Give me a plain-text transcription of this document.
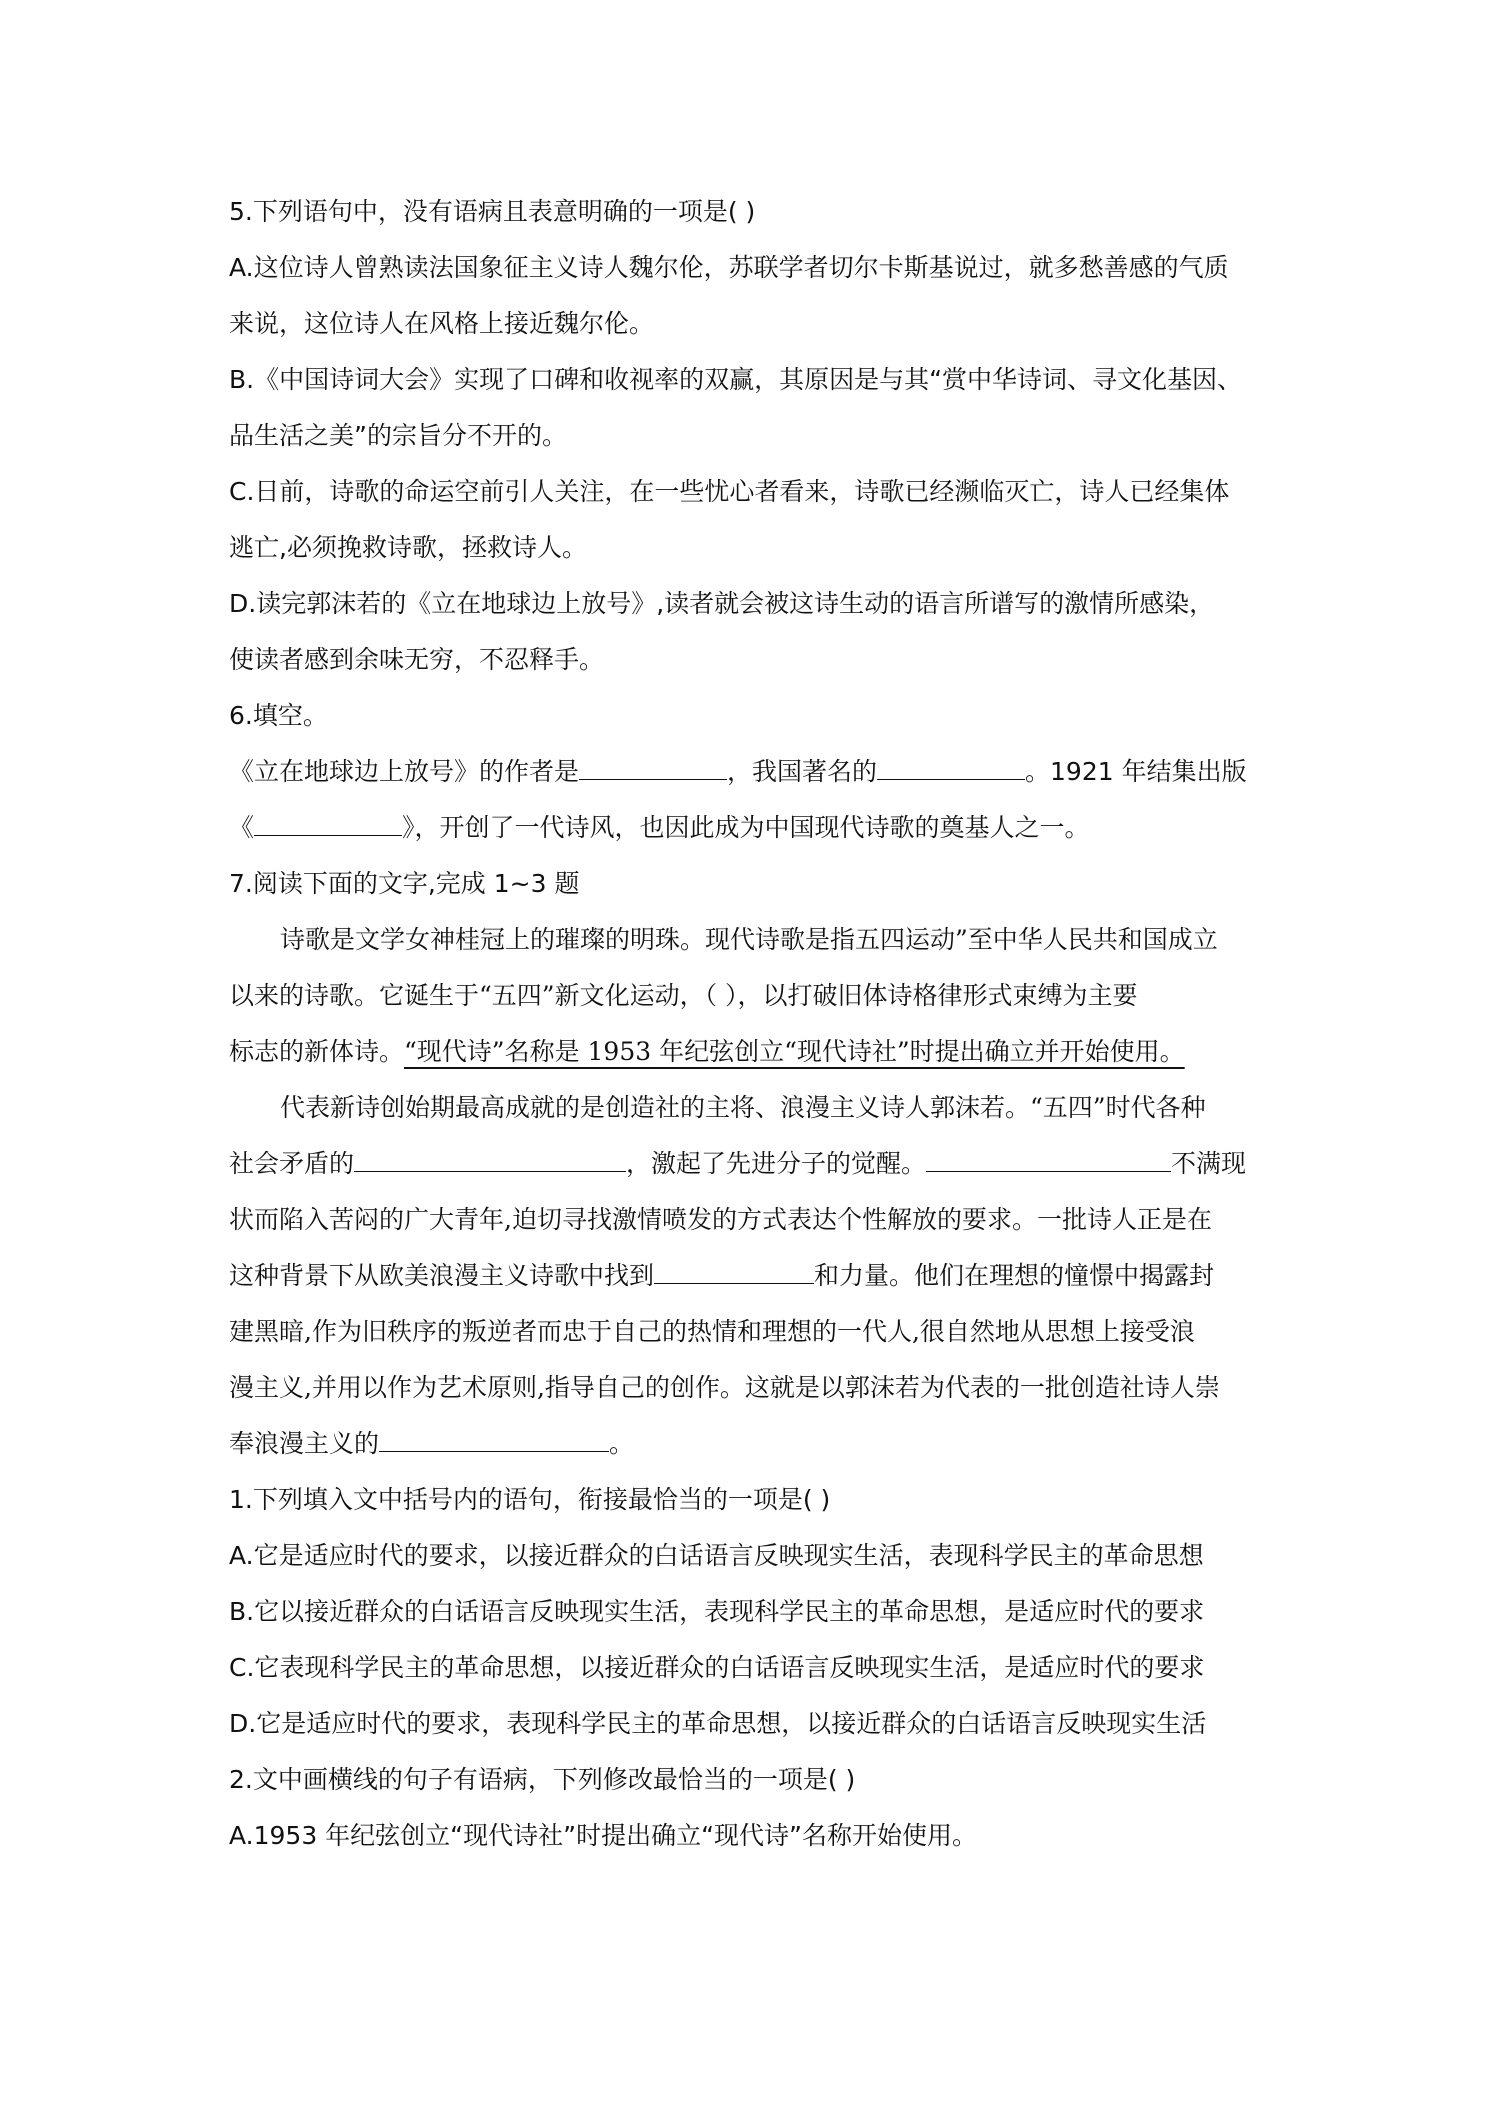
5.下列语句中，没有语病且表意明确的一项是( )
A.这位诗人曾熟读法国象征主义诗人魏尔伦，苏联学者切尔卡斯基说过，就多愁善感的气质
来说，这位诗人在风格上接近魏尔伦。
B.《中国诗词大会》实现了口碑和收视率的双赢，其原因是与其“赏中华诗词、寻文化基因、
品生活之美”的宗旨分不开的。
C.日前，诗歌的命运空前引人关注，在一些忧心者看来，诗歌已经濒临灭亡，诗人已经集体
逃亡,必须挽救诗歌，拯救诗人。
D.读完郭沫若的《立在地球边上放号》,读者就会被这诗生动的语言所谱写的激情所感染，
使读者感到余味无穷，不忍释手。
6.填空。
《立在地球边上放号》的作者是	，我国著名的	。1921 年结集出版
《	》，开创了一代诗风，也因此成为中国现代诗歌的奠基人之一。
7.阅读下面的文字,完成 1~3 题
诗歌是文学女神桂冠上的璀璨的明珠。现代诗歌是指五四运动”至中华人民共和国成立
以来的诗歌。它诞生于“五四”新文化运动，（ ），以打破旧体诗格律形式束缚为主要
标志的新体诗。“现代诗”名称是 1953 年纪弦创立“现代诗社”时提出确立并开始使用。
代表新诗创始期最高成就的是创造社的主将、浪漫主义诗人郭沫若。“五四”时代各种
社会矛盾的	，激起了先进分子的觉醒。	不满现
状而陷入苦闷的广大青年,迫切寻找激情喷发的方式表达个性解放的要求。一批诗人正是在
这种背景下从欧美浪漫主义诗歌中找到	和力量。他们在理想的憧憬中揭露封
建黑暗,作为旧秩序的叛逆者而忠于自己的热情和理想的一代人,很自然地从思想上接受浪
漫主义,并用以作为艺术原则,指导自己的创作。这就是以郭沫若为代表的一批创造社诗人崇
奉浪漫主义的	。
1.下列填入文中括号内的语句，衔接最恰当的一项是( )
A.它是适应时代的要求，以接近群众的白话语言反映现实生活，表现科学民主的革命思想
B.它以接近群众的白话语言反映现实生活，表现科学民主的革命思想，是适应时代的要求
C.它表现科学民主的革命思想，以接近群众的白话语言反映现实生活，是适应时代的要求
D.它是适应时代的要求，表现科学民主的革命思想，以接近群众的白话语言反映现实生活
2.文中画横线的句子有语病，下列修改最恰当的一项是( )
A.1953 年纪弦创立“现代诗社”时提出确立“现代诗”名称开始使用。
